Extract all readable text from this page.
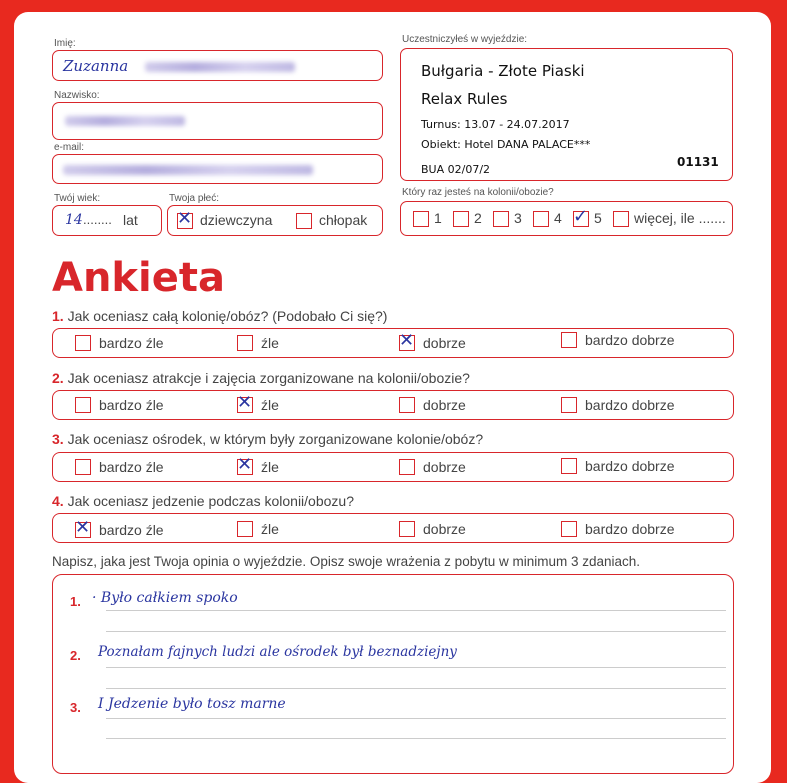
Imię:
Zuzanna
Nazwisko:
e-mail:
Twój wiek:
14 ........ lat
Twoja płeć:
✕ dziewczyna	chłopak
Uczestniczyłeś w wyjeździe:
Bułgaria - Złote Piaski
Relax Rules
Turnus: 13.07 - 24.07.2017
Obiekt: Hotel DANA PALACE***
BUA 02/07/2
01131
Który raz jesteś na kolonii/obozie?
1 2 3 4 ✓ 5 więcej, ile .......
Ankieta
1. Jak oceniasz całą kolonię/obóz? (Podobało Ci się?)
bardzo źle	źle	✕ dobrze	bardzo dobrze
2. Jak oceniasz atrakcje i zajęcia zorganizowane na kolonii/obozie?
bardzo źle	✕ źle	dobrze	bardzo dobrze
3. Jak oceniasz ośrodek, w którym były zorganizowane kolonie/obóz?
bardzo źle	✕ źle	dobrze	bardzo dobrze
4. Jak oceniasz jedzenie podczas kolonii/obozu?
✕ bardzo źle	źle	dobrze	bardzo dobrze
Napisz, jaka jest Twoja opinia o wyjeździe. Opisz swoje wrażenia z pobytu w minimum 3 zdaniach.
1. · Było całkiem spoko
2. Poznałam fajnych ludzi ale ośrodek był beznadziejny
3. I Jedzenie było tosz marne
